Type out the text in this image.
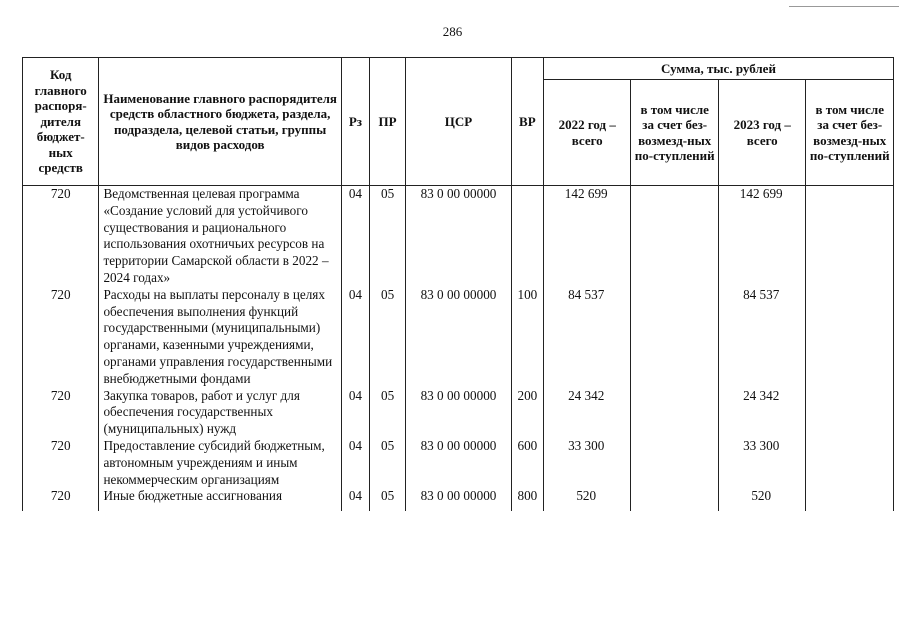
286
Код главного распоря-дителя бюджет-ных средств	Наименование главного распорядителя средств областного бюджета, раздела, подраздела, целевой статьи, группы видов расходов	Рз	ПР	ЦСР	ВР	Сумма, тыс. рублей			
						2022 год – всего	в том числе за счет без-возмезд-ных по-ступлений	2023 год – всего	в том числе за счет без-возмезд-ных по-ступлений
720	Ведомственная целевая программа «Создание условий для устойчивого существования и рационального использования охотничьих ресурсов на территории Самарской области в 2022 – 2024 годах»	04	05	83 0 00 00000		142 699		142 699	
720	Расходы на выплаты персоналу в целях обеспечения выполнения функций государственными (муниципальными) органами, казенными учреждениями, органами управления государственными внебюджетными фондами	04	05	83 0 00 00000	100	84 537		84 537	
720	Закупка товаров, работ и услуг для обеспечения государственных (муниципальных) нужд	04	05	83 0 00 00000	200	24 342		24 342	
720	Предоставление субсидий бюджетным, автономным учреждениям и иным некоммерческим организациям	04	05	83 0 00 00000	600	33 300		33 300	
720	Иные бюджетные ассигнования	04	05	83 0 00 00000	800	520		520	
